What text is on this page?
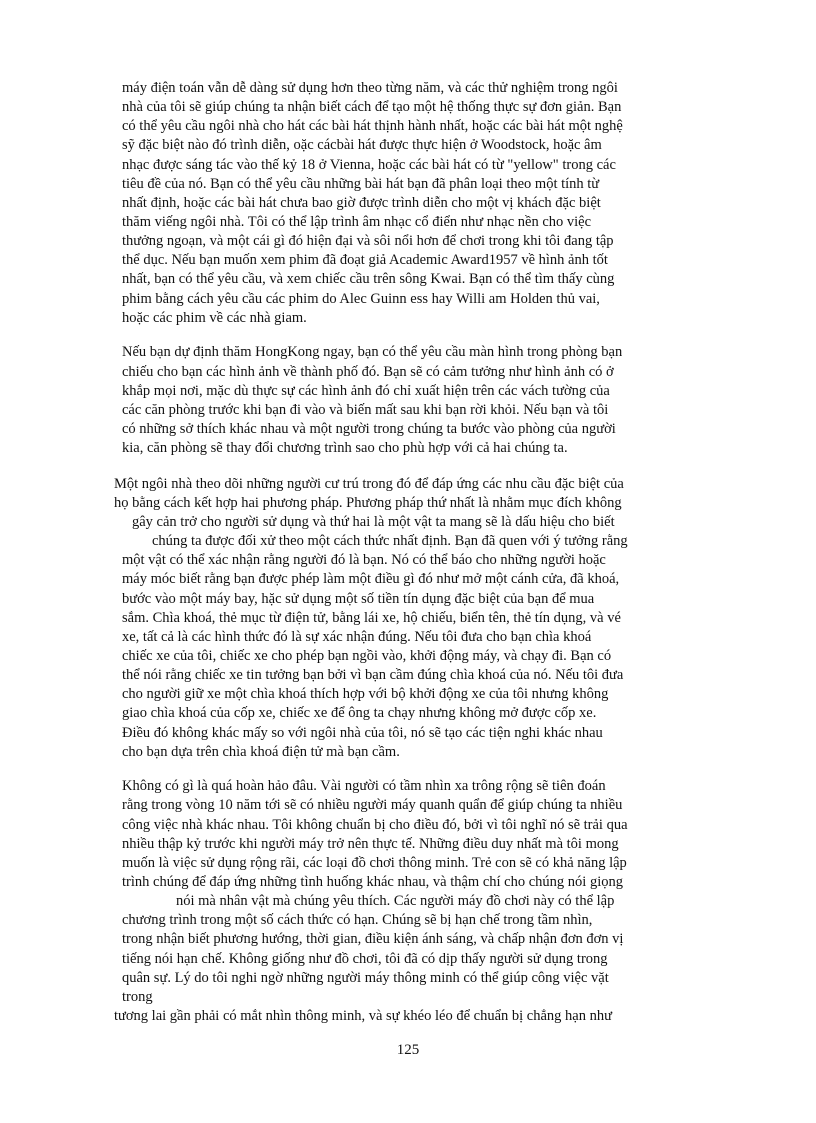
máy điện toán vẫn dễ dàng sử dụng hơn theo từng năm, và các thử nghiệm trong ngôi
nhà của tôi sẽ giúp chúng ta nhận biết cách để tạo một hệ thống thực sự đơn giản. Bạn
có thể yêu cầu ngôi nhà cho hát các bài hát thịnh hành nhất, hoặc các bài hát một nghệ
sỹ đặc biệt nào đó trình diễn, oặc cácbài hát được thực hiện ở Woodstock, hoặc âm
nhạc được sáng tác vào thế kỷ 18 ở Vienna, hoặc các bài hát có từ "yellow" trong các
tiêu đề của nó. Bạn có thể yêu cầu những bài hát bạn đã phân loại theo một tính từ
nhất định, hoặc các bài hát chưa bao giờ được trình diễn cho một vị khách đặc biệt
thăm viếng ngôi nhà. Tôi có thể lập trình âm nhạc cổ điển như nhạc nền cho việc
thưởng ngoạn, và một cái gì đó hiện đại và sôi nổi hơn để chơi trong khi tôi đang tập
thể dục. Nếu bạn muốn xem phim đã đoạt giả Academic Award1957 về hình ảnh tốt
nhất, bạn có thể yêu cầu, và xem chiếc cầu trên sông Kwai. Bạn có thể tìm thấy cùng
phim bằng cách yêu cầu các phim do Alec Guinn ess hay Willi am Holden thủ vai,
hoặc các phim về các nhà giam.
Nếu bạn dự định thăm HongKong ngay, bạn có thể yêu cầu màn hình trong phòng bạn
chiếu cho bạn các hình ảnh về thành phố đó. Bạn sẽ có cảm tưởng như hình ảnh có ở
khắp mọi nơi, mặc dù thực sự các hình ảnh đó chỉ xuất hiện trên các vách tường của
các căn phòng trước khi bạn đi vào và biến mất sau khi bạn rời khỏi. Nếu bạn và tôi
có những sở thích khác nhau và một người trong chúng ta bước vào phòng của người
kia, căn phòng sẽ thay đổi chương trình sao cho phù hợp với cả hai chúng ta.
Một ngôi nhà theo dõi những người cư trú trong đó để đáp ứng các nhu cầu đặc biệt của
họ bằng cách kết hợp hai phương pháp. Phương pháp thứ nhất là nhằm mục đích không
gây cản trở cho người sử dụng và thứ hai là một vật ta mang sẽ là dấu hiệu cho biết
chúng ta được đối xử theo một cách thức nhất định. Bạn đã quen với ý tưởng rằng
một vật có thể xác nhận rằng người đó là bạn. Nó có thể báo cho những người hoặc
máy móc biết rằng bạn được phép làm một điều gì đó như mở một cánh cửa, đã khoá,
bước vào một máy bay, hặc sử dụng một số tiền tín dụng đặc biệt của bạn để mua
sắm. Chìa khoá, thẻ mục từ điện tử, bằng lái xe, hộ chiếu, biển tên, thẻ tín dụng, và vé
xe, tất cả là các hình thức đó là sự xác nhận đúng. Nếu tôi đưa cho bạn chìa khoá
chiếc xe của tôi, chiếc xe cho phép bạn ngồi vào, khởi động máy, và chạy đi. Bạn có
thể nói rằng chiếc xe tin tưởng bạn bởi vì bạn cầm đúng chìa khoá của nó. Nếu tôi đưa
cho người giữ xe một chìa khoá thích hợp với bộ khởi động xe của tôi nhưng không
giao chìa khoá của cốp xe, chiếc xe để ông ta chạy nhưng không mở được cốp xe.
Điều đó không khác mấy so với ngôi nhà của tôi, nó sẽ tạo các tiện nghi khác nhau
cho bạn dựa trên chìa khoá điện tử mà bạn cầm.
Không có gì là quá hoàn hảo đâu. Vài người có tầm nhìn xa trông rộng sẽ tiên đoán
rằng trong vòng 10 năm tới sẽ có nhiều người máy quanh quẩn để giúp chúng ta nhiều
công việc nhà khác nhau. Tôi không chuẩn bị cho điều đó, bởi vì tôi nghĩ nó sẽ trải qua
nhiều thập kỷ trước khi người máy trở nên thực tế. Những điều duy nhất mà tôi mong
muốn là việc sử dụng rộng rãi, các loại đồ chơi thông minh. Trẻ con sẽ có khả năng lập
trình chúng để đáp ứng những tình huống khác nhau, và thậm chí cho chúng nói giọng
nói mà nhân vật mà chúng yêu thích. Các người máy đồ chơi này có thể lập
chương trình trong một số cách thức có hạn. Chúng sẽ bị hạn chế trong tầm nhìn,
trong nhận biết phương hướng, thời gian, điều kiện ánh sáng, và chấp nhận đơn đơn vị
tiếng nói hạn chế. Không giống như đồ chơi, tôi đã có dịp thấy người sử dụng trong
quân sự. Lý do tôi nghi ngờ những người máy thông minh có thể giúp công việc vặt
trong
tương lai gần phải có mắt nhìn thông minh, và sự khéo léo để chuẩn bị chẳng hạn như
125
